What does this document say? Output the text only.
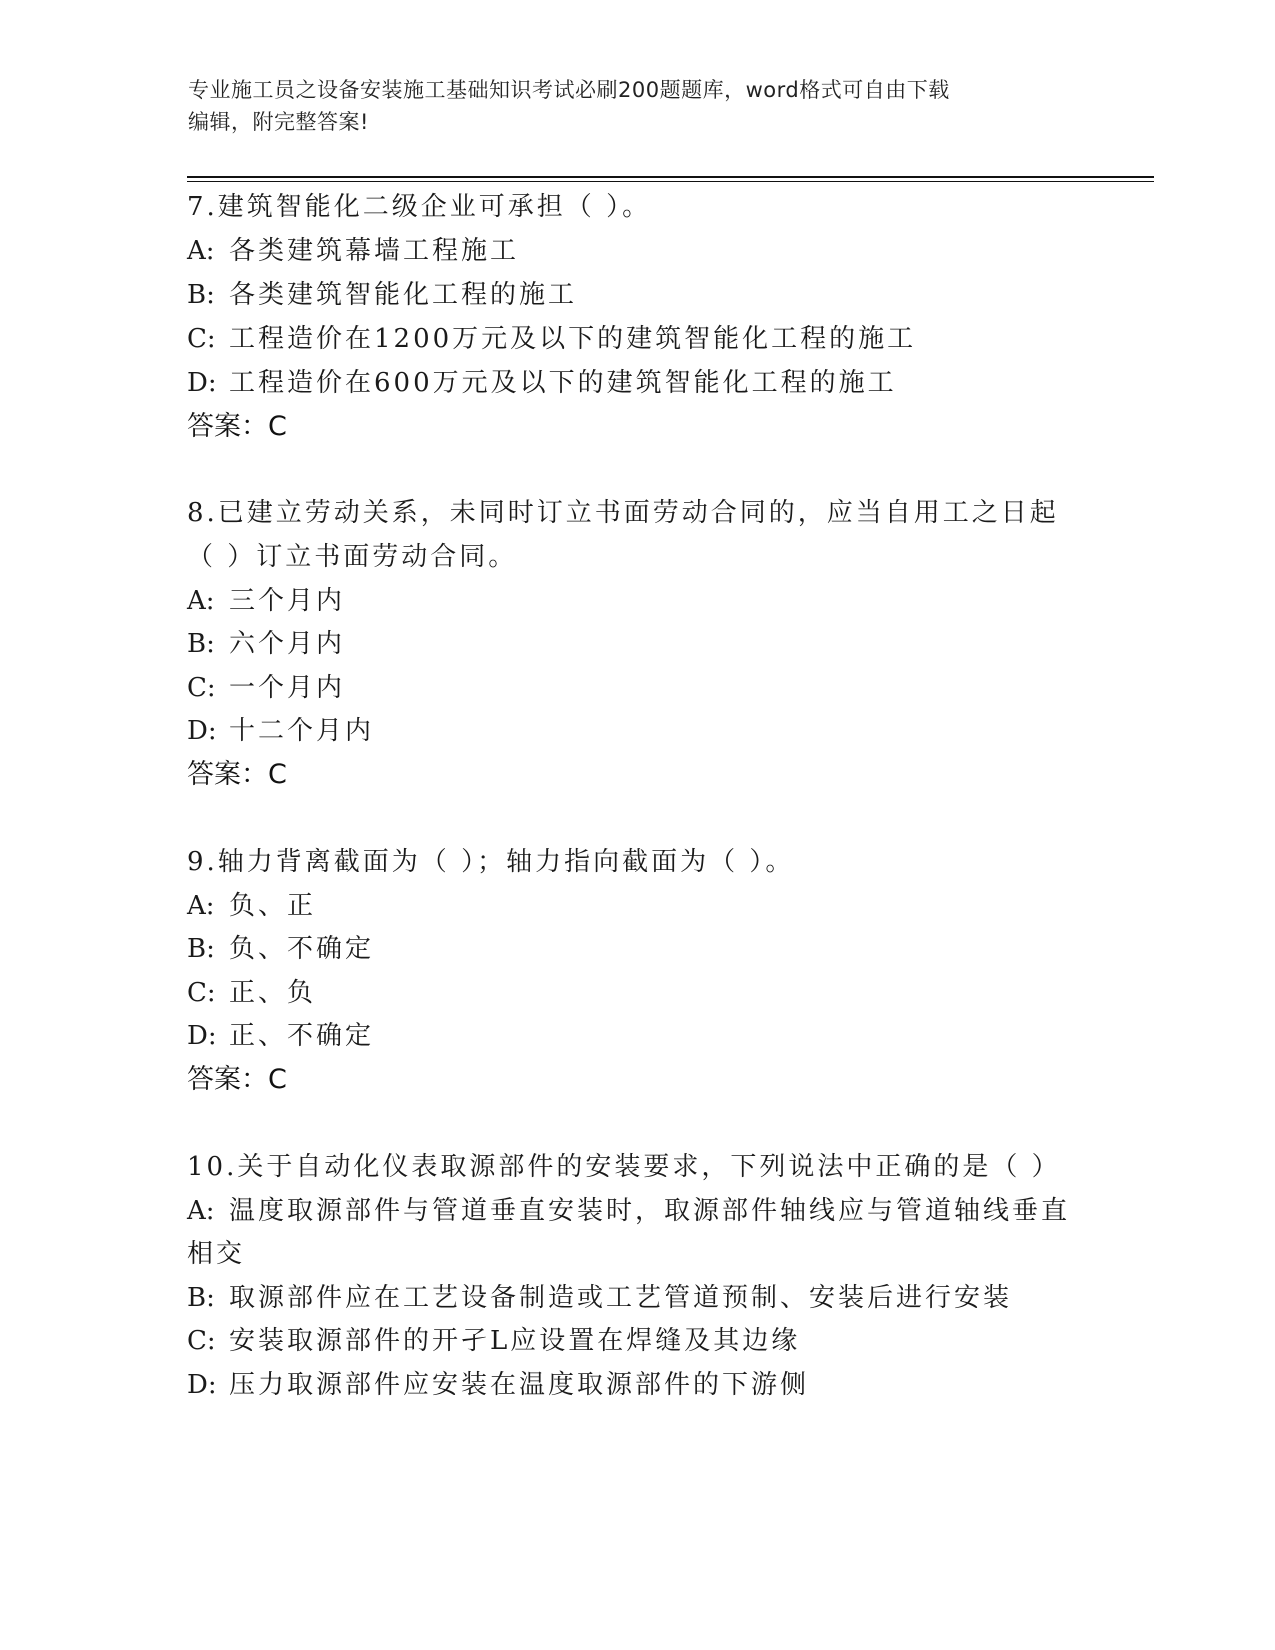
专业施工员之设备安装施工基础知识考试必刷200题题库，word格式可自由下载
编辑，附完整答案!
7.建筑智能化二级企业可承担（ ）。
A: 各类建筑幕墙工程施工
B: 各类建筑智能化工程的施工
C: 工程造价在1200万元及以下的建筑智能化工程的施工
D: 工程造价在600万元及以下的建筑智能化工程的施工
答案：C
8.已建立劳动关系，未同时订立书面劳动合同的，应当自用工之日起
（ ）订立书面劳动合同。
A: 三个月内
B: 六个月内
C: 一个月内
D: 十二个月内
答案：C
9.轴力背离截面为（ ）；轴力指向截面为（ ）。
A: 负、正
B: 负、不确定
C: 正、负
D: 正、不确定
答案：C
10.关于自动化仪表取源部件的安装要求，下列说法中正确的是（ ）
A: 温度取源部件与管道垂直安装时，取源部件轴线应与管道轴线垂直
相交
B: 取源部件应在工艺设备制造或工艺管道预制、安装后进行安装
C: 安装取源部件的开孑L应设置在焊缝及其边缘
D: 压力取源部件应安装在温度取源部件的下游侧
